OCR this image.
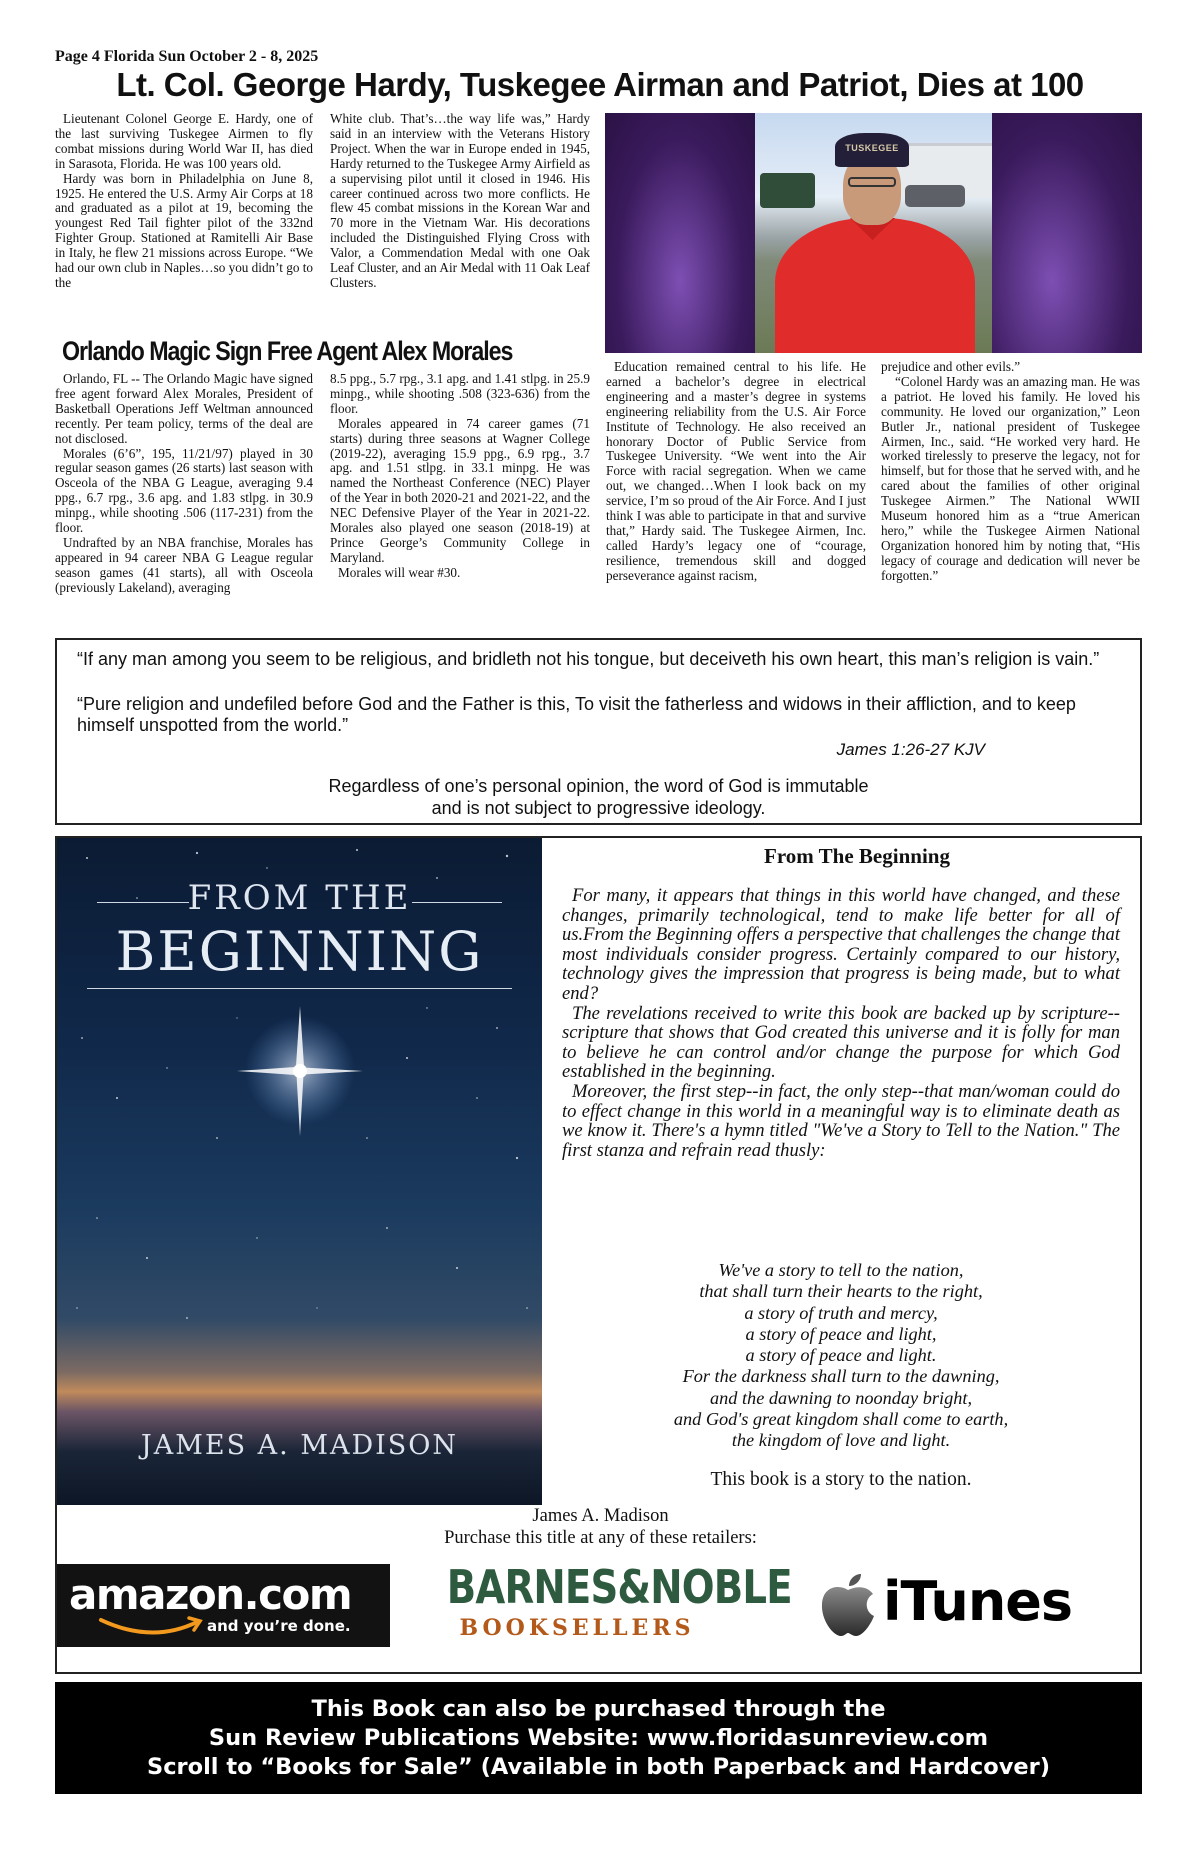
Page 4 Florida Sun October 2 - 8, 2025
Lt. Col. George Hardy, Tuskegee Airman and Patriot, Dies at 100

Lieutenant Colonel George E. Hardy, one of the last surviving Tuskegee Airmen to fly combat missions during World War II, has died in Sarasota, Florida. He was 100 years old.

Hardy was born in Philadelphia on June 8, 1925. He entered the U.S. Army Air Corps at 18 and graduated as a pilot at 19, becoming the youngest Red Tail fighter pilot of the 332nd Fighter Group. Stationed at Ramitelli Air Base in Italy, he flew 21 missions across Europe. “We had our own club in Naples…so you didn’t go to the

White club. That’s…the way life was,” Hardy said in an interview with the Veterans History Project. When the war in Europe ended in 1945, Hardy returned to the Tuskegee Army Airfield as a supervising pilot until it closed in 1946. His career continued across two more conflicts. He flew 45 combat missions in the Korean War and 70 more in the Vietnam War. His decorations included the Distinguished Flying Cross with Valor, a Commendation Medal with one Oak Leaf Cluster, and an Air Medal with 11 Oak Leaf Clusters.

TUSKEGEE
Orlando Magic Sign Free Agent Alex Morales

Orlando, FL -- The Orlando Magic have signed free agent forward Alex Morales, President of Basketball Operations Jeff Weltman announced recently. Per team policy, terms of the deal are not disclosed.

Morales (6’6”, 195, 11/21/97) played in 30 regular season games (26 starts) last season with Osceola of the NBA G League, averaging 9.4 ppg., 6.7 rpg., 3.6 apg. and 1.83 stlpg. in 30.9 minpg., while shooting .506 (117-231) from the floor.

Undrafted by an NBA franchise, Morales has appeared in 94 career NBA G League regular season games (41 starts), all with Osceola (previously Lakeland), averaging

8.5 ppg., 5.7 rpg., 3.1 apg. and 1.41 stlpg. in 25.9 minpg., while shooting .508 (323-636) from the floor.

Morales appeared in 74 career games (71 starts) during three seasons at Wagner College (2019-22), averaging 15.9 ppg., 6.9 rpg., 3.7 apg. and 1.51 stlpg. in 33.1 minpg. He was named the Northeast Conference (NEC) Player of the Year in both 2020-21 and 2021-22, and the NEC Defensive Player of the Year in 2021-22. Morales also played one season (2018-19) at Prince George’s Community College in Maryland.

Morales will wear #30.

Education remained central to his life. He earned a bachelor’s degree in electrical engineering and a master’s degree in systems engineering reliability from the U.S. Air Force Institute of Technology. He also received an honorary Doctor of Public Service from Tuskegee University. “We went into the Air Force with racial segregation. When we came out, we changed…When I look back on my service, I’m so proud of the Air Force. And I just think I was able to participate in that and survive that,” Hardy said. The Tuskegee Airmen, Inc. called Hardy’s legacy one of “courage, resilience, tremendous skill and dogged perseverance against racism,

prejudice and other evils.”

“Colonel Hardy was an amazing man. He was a patriot. He loved his family. He loved his community. He loved our organization,” Leon Butler Jr., national president of Tuskegee Airmen, Inc., said. “He worked very hard. He worked tirelessly to preserve the legacy, not for himself, but for those that he served with, and he cared about the families of other original Tuskegee Airmen.” The National WWII Museum honored him as a “true American hero,” while the Tuskegee Airmen National Organization honored him by noting that, “His legacy of courage and dedication will never be forgotten.”

“If any man among you seem to be religious, and bridleth not his tongue, but deceiveth his own heart, this man’s religion is vain.”
“Pure religion and undefiled before God and the Father is this, To visit the fatherless and widows in their affliction, and to keep himself unspotted from the world.”
James 1:26-27 KJV
Regardless of one’s personal opinion, the word of God is immutable
and is not subject to progressive ideology.
FROM THE
BEGINNING
JAMES A. MADISON
From The Beginning

For many, it appears that things in this world have changed, and these changes, primarily technological, tend to make life better for all of us.From the Beginning offers a perspective that challenges the change that most individuals consider progress. Certainly compared to our history, technology gives the impression that progress is being made, but to what end?

The revelations received to write this book are backed up by scripture--scripture that shows that God created this universe and it is folly for man to believe he can control and/or change the purpose for which God established in the beginning.

Moreover, the first step--in fact, the only step--that man/woman could do to effect change in this world in a meaningful way is to eliminate death as we know it. There's a hymn titled "We've a Story to Tell to the Nation." The first stanza and refrain read thusly:

We've a story to tell to the nation,
that shall turn their hearts to the right,
a story of truth and mercy,
a story of peace and light,
a story of peace and light.
For the darkness shall turn to the dawning,
and the dawning to noonday bright,
and God's great kingdom shall come to earth,
the kingdom of love and light.
This book is a story to the nation.
James A. Madison
Purchase this title at any of these retailers:
amazon.com
and you’re done.
BARNES&NOBLE
BOOKSELLERS	iTunes
This Book can also be purchased through the
Sun Review Publications Website: www.floridasunreview.com
Scroll to “Books for Sale” (Available in both Paperback and Hardcover)
